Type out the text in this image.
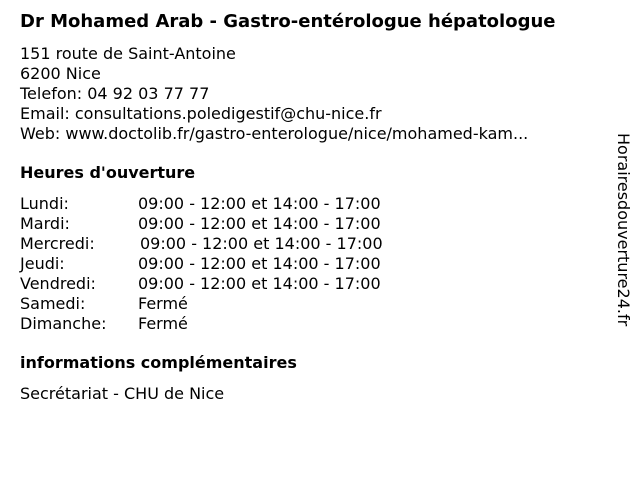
Dr Mohamed Arab - Gastro-entérologue hépatologue
151 route de Saint-Antoine
6200 Nice
Telefon: 04 92 03 77 77
Email: consultations.poledigestif@chu-nice.fr
Web: www.doctolib.fr/gastro-enterologue/nice/mohamed-kam...
Heures d'ouverture
Lundi:	09:00 - 12:00 et 14:00 - 17:00
Mardi:	09:00 - 12:00 et 14:00 - 17:00
Mercredi:	09:00 - 12:00 et 14:00 - 17:00
Jeudi:	09:00 - 12:00 et 14:00 - 17:00
Vendredi:	09:00 - 12:00 et 14:00 - 17:00
Samedi:	Fermé
Dimanche: Fermé
informations complémentaires
Secrétariat - CHU de Nice
Horairesdouverture24.fr
